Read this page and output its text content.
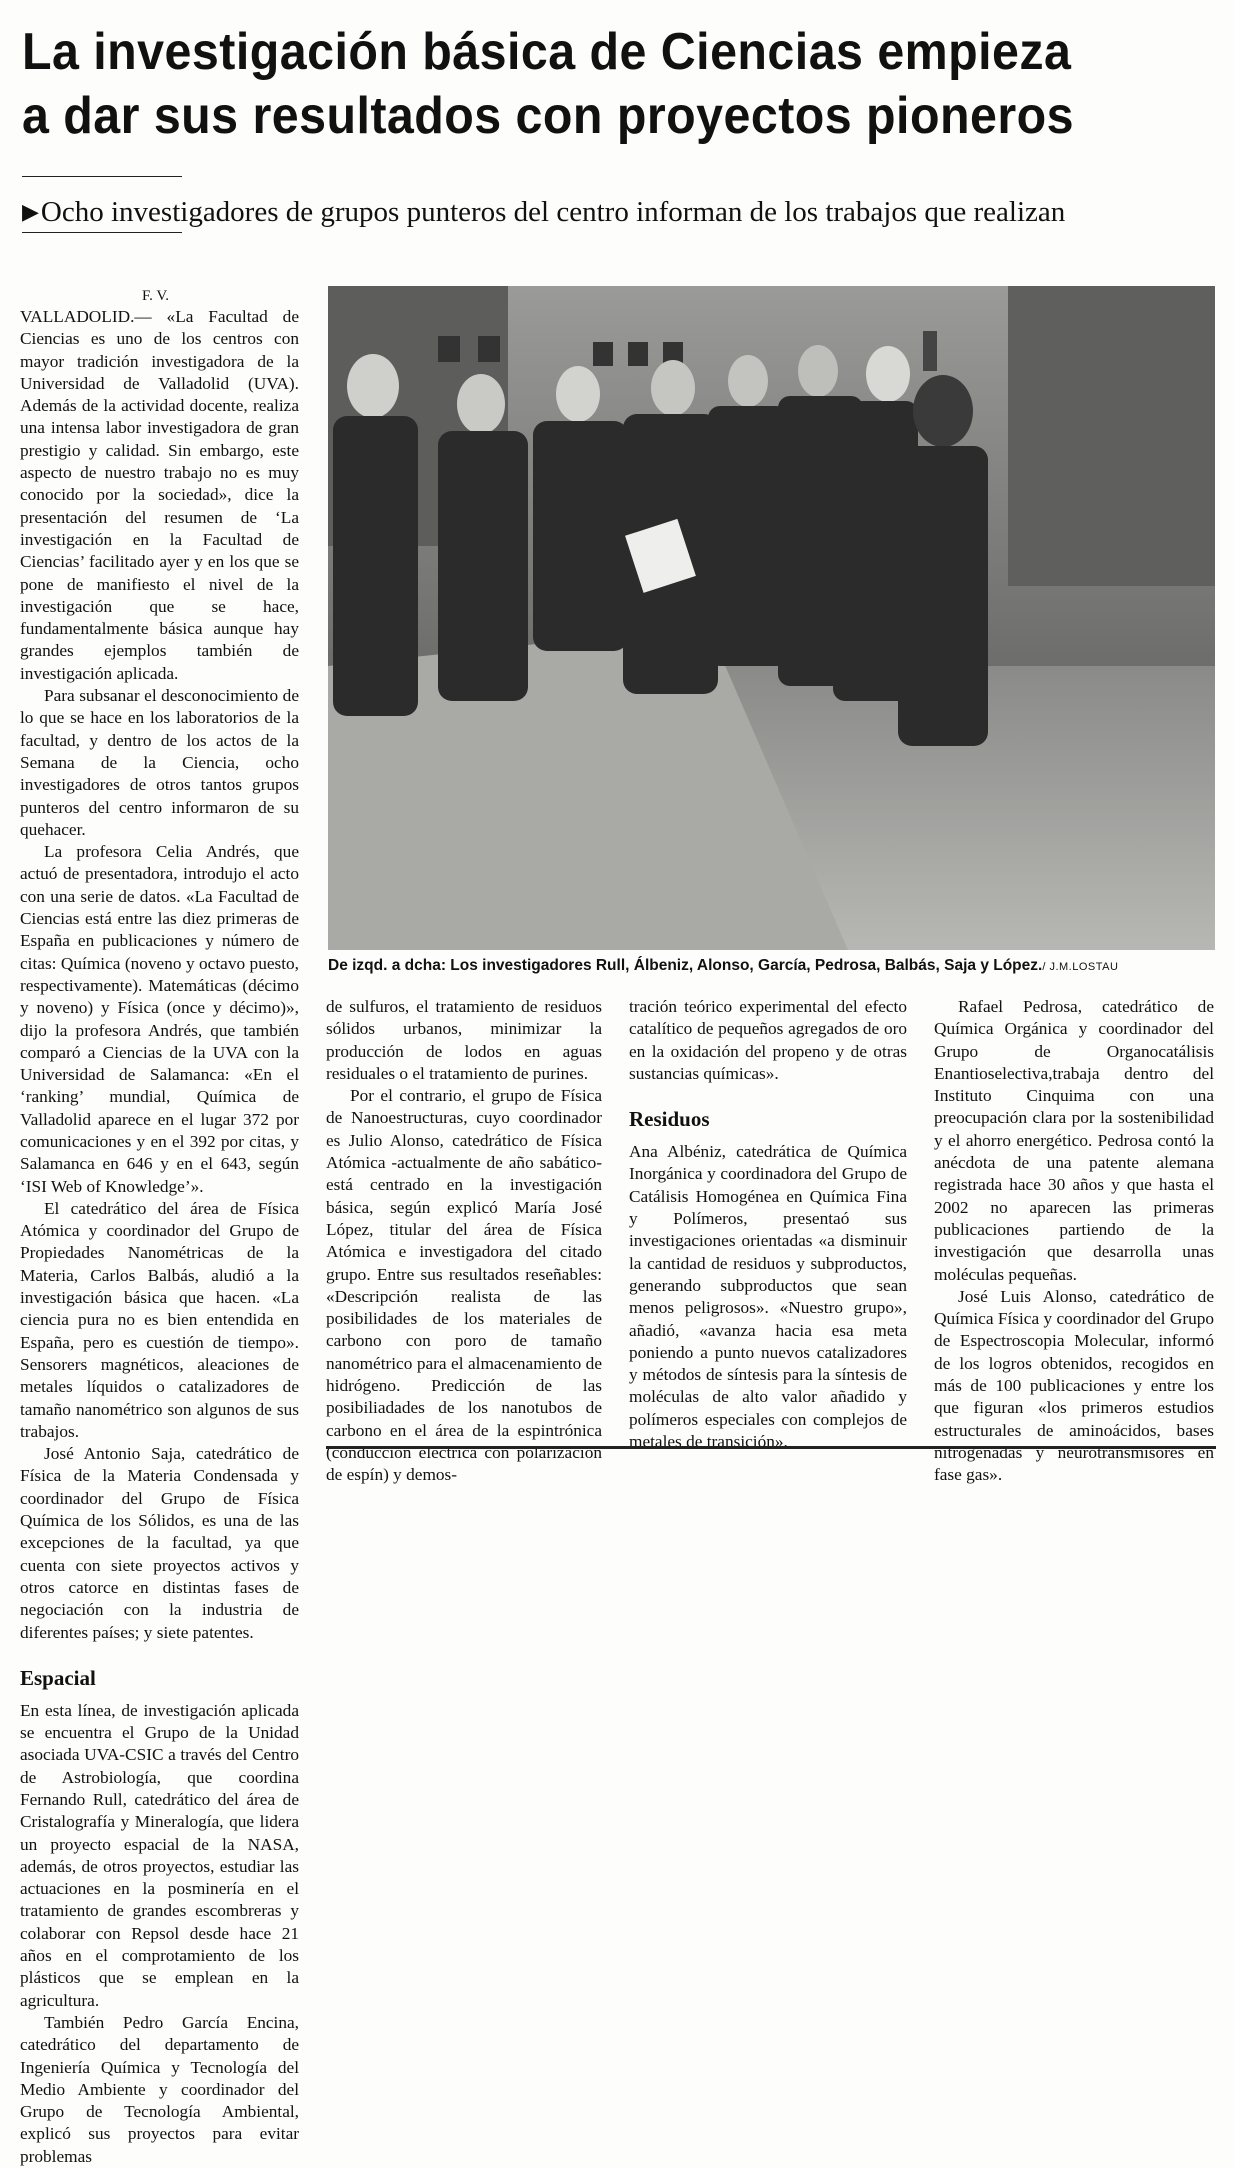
La investigación básica de Ciencias empieza
a dar sus resultados con proyectos pioneros
▶Ocho investigadores de grupos punteros del centro informan de los trabajos que realizan
F. V.

VALLADOLID.— «La Facultad de Ciencias es uno de los centros con mayor tradición investigadora de la Universidad de Valladolid (UVA). Además de la actividad docente, realiza una intensa labor investigadora de gran prestigio y calidad. Sin embargo, este aspecto de nuestro trabajo no es muy conocido por la sociedad», dice la presentación del resumen de ‘La investigación en la Facultad de Ciencias’ facilitado ayer y en los que se pone de manifiesto el nivel de la investigación que se hace, fundamentalmente básica aunque hay grandes ejemplos también de investigación aplicada.

Para subsanar el desconocimiento de lo que se hace en los laboratorios de la facultad, y dentro de los actos de la Semana de la Ciencia, ocho investigadores de otros tantos grupos punteros del centro informaron de su quehacer.

La profesora Celia Andrés, que actuó de presentadora, introdujo el acto con una serie de datos. «La Facultad de Ciencias está entre las diez primeras de España en publicaciones y número de citas: Química (noveno y octavo puesto, respectivamente). Matemáticas (décimo y noveno) y Física (once y décimo)», dijo la profesora Andrés, que también comparó a Ciencias de la UVA con la Universidad de Salamanca: «En el ‘ranking’ mundial, Química de Valladolid aparece en el lugar 372 por comunicaciones y en el 392 por citas, y Salamanca en 646 y en el 643, según ‘ISI Web of Knowledge’».

El catedrático del área de Física Atómica y coordinador del Grupo de Propiedades Nanométricas de la Materia, Carlos Balbás, aludió a la investigación básica que hacen. «La ciencia pura no es bien entendida en España, pero es cuestión de tiempo». Sensorers magnéticos, aleaciones de metales líquidos o catalizadores de tamaño nanométrico son algunos de sus trabajos.

José Antonio Saja, catedrático de Física de la Materia Condensada y coordinador del Grupo de Física Química de los Sólidos, es una de las excepciones de la facultad, ya que cuenta con siete proyectos activos y otros catorce en distintas fases de negociación con la industria de diferentes países; y siete patentes.

Espacial

En esta línea, de investigación aplicada se encuentra el Grupo de la Unidad asociada UVA-CSIC a través del Centro de Astrobiología, que coordina Fernando Rull, catedrático del área de Cristalografía y Mineralogía, que lidera un proyecto espacial de la NASA, además, de otros proyectos, estudiar las actuaciones en la posminería en el tratamiento de grandes escombreras y colaborar con Repsol desde hace 21 años en el comprotamiento de los plásticos que se emplean en la agricultura.

También Pedro García Encina, catedrático del departamento de Ingeniería Química y Tecnología del Medio Ambiente y coordinador del Grupo de Tecnología Ambiental, explicó sus proyectos para evitar problemas

De izqd. a dcha: Los investigadores Rull, Álbeniz, Alonso, García, Pedrosa, Balbás, Saja y López./ J.M.LOSTAU

de sulfuros, el tratamiento de residuos sólidos urbanos, minimizar la producción de lodos en aguas residuales o el tratamiento de purines.

Por el contrario, el grupo de Física de Nanoestructuras, cuyo coordinador es Julio Alonso, catedrático de Física Atómica -actualmente de año sabático- está centrado en la investigación básica, según explicó María José López, titular del área de Física Atómica e investigadora del citado grupo. Entre sus resultados reseñables: «Descripción realista de las posibilidades de los materiales de carbono con poro de tamaño nanométrico para el almacenamiento de hidrógeno. Predicción de las posibiliadades de los nanotubos de carbono en el área de la espintrónica (conducción eléctrica con polarización de espín) y demos-

tración teórico experimental del efecto catalítico de pequeños agregados de oro en la oxidación del propeno y de otras sustancias químicas».

Residuos

Ana Albéniz, catedrática de Química Inorgánica y coordinadora del Grupo de Catálisis Homogénea en Química Fina y Polímeros, presentaó sus investigaciones orientadas «a disminuir la cantidad de residuos y subproductos, generando subproductos que sean menos peligrosos». «Nuestro grupo», añadió, «avanza hacia esa meta poniendo a punto nuevos catalizadores y métodos de síntesis para la síntesis de moléculas de alto valor añadido y polímeros especiales con complejos de metales de transición».

Rafael Pedrosa, catedrático de Química Orgánica y coordinador del Grupo de Organocatálisis Enantioselectiva,trabaja dentro del Instituto Cinquima con una preocupación clara por la sostenibilidad y el ahorro energético. Pedrosa contó la anécdota de una patente alemana registrada hace 30 años y que hasta el 2002 no aparecen las primeras publicaciones partiendo de la investigación que desarrolla unas moléculas pequeñas.

José Luis Alonso, catedrático de Química Física y coordinador del Grupo de Espectroscopia Molecular, informó de los logros obtenidos, recogidos en más de 100 publicaciones y entre los que figuran «los primeros estudios estructurales de aminoácidos, bases nitrogenadas y neurotransmisores en fase gas».
